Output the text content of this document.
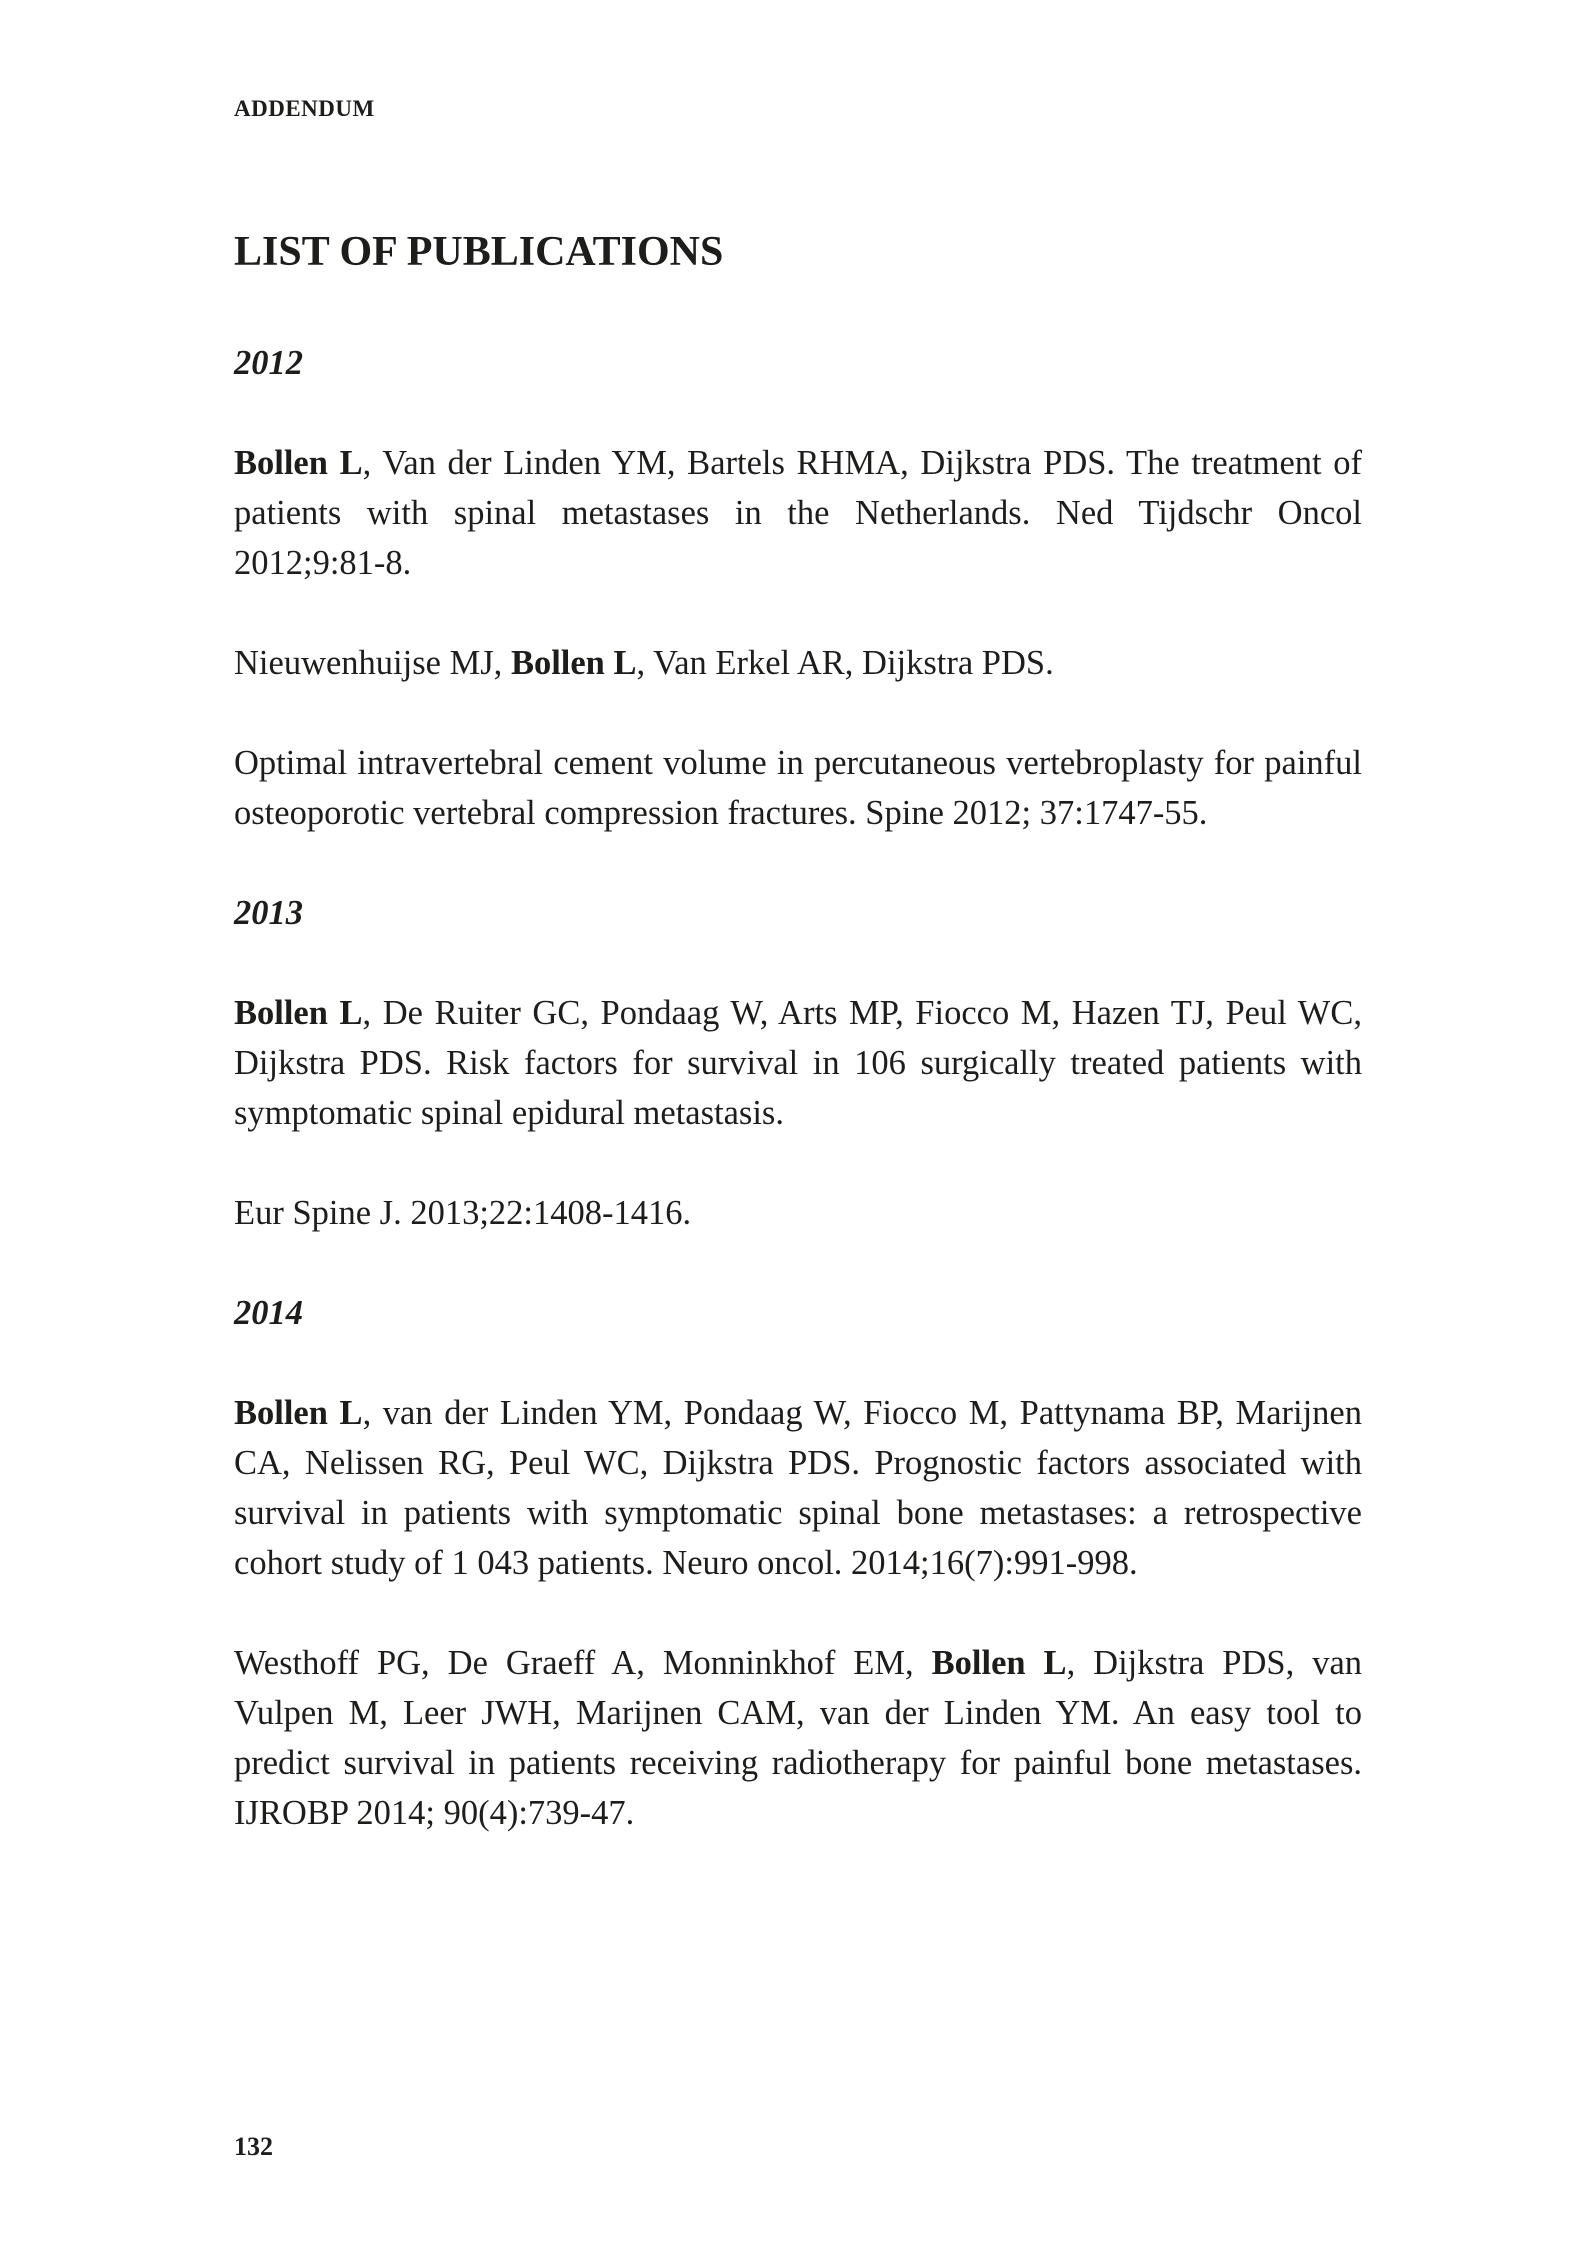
ADDENDUM
LIST OF PUBLICATIONS
2012

Bollen L, Van der Linden YM, Bartels RHMA, Dijkstra PDS. The treatment of patients with spinal metastases in the Netherlands. Ned Tijdschr Oncol 2012;9:81-8.

Nieuwenhuijse MJ, Bollen L, Van Erkel AR, Dijkstra PDS.

Optimal intravertebral cement volume in percutaneous vertebroplasty for painful osteoporotic vertebral compression fractures. Spine 2012; 37:1747-55.

2013

Bollen L, De Ruiter GC, Pondaag W, Arts MP, Fiocco M, Hazen TJ, Peul WC, Dijkstra PDS. Risk factors for survival in 106 surgically treated patients with symptomatic spinal epidural metastasis.

Eur Spine J. 2013;22:1408-1416.

2014

Bollen L, van der Linden YM, Pondaag W, Fiocco M, Pattynama BP, Marijnen CA, Nelissen RG, Peul WC, Dijkstra PDS. Prognostic factors associated with survival in patients with symptomatic spinal bone metastases: a retrospective cohort study of 1 043 patients. Neuro oncol. 2014;16(7):991-998.

Westhoff PG, De Graeff A, Monninkhof EM, Bollen L, Dijkstra PDS, van Vulpen M, Leer JWH, Marijnen CAM, van der Linden YM. An easy tool to predict survival in patients receiving radiotherapy for painful bone metastases. IJROBP 2014; 90(4):739-47.

132
